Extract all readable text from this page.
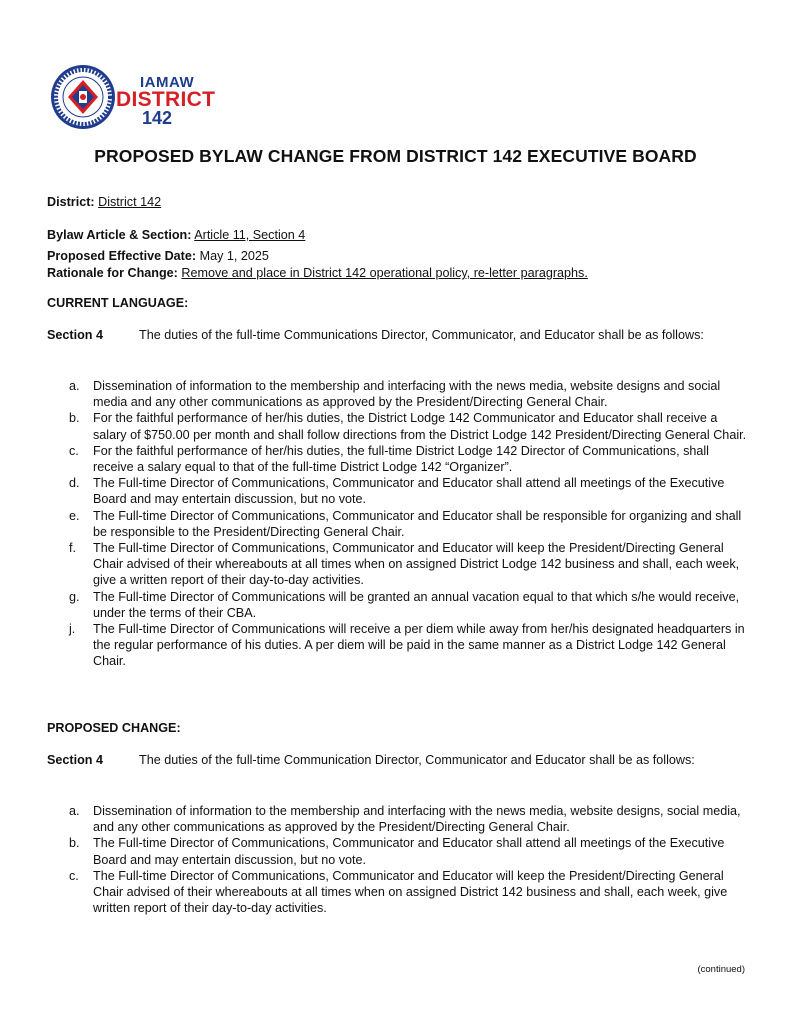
IAMAW
DISTRICT
142
PROPOSED BYLAW CHANGE FROM DISTRICT 142 EXECUTIVE BOARD
District: District 142
Bylaw Article & Section: Article 11, Section 4
Proposed Effective Date: May 1, 2025
Rationale for Change: Remove and place in District 142 operational policy, re-letter paragraphs.
CURRENT LANGUAGE:
Section 4	The duties of the full-time Communications Director, Communicator, and Educator shall be as follows:
a. Dissemination of information to the membership and interfacing with the news media, website designs and social media and any other communications as approved by the President/Directing General Chair.
b. For the faithful performance of her/his duties, the District Lodge 142 Communicator and Educator shall receive a salary of $750.00 per month and shall follow directions from the District Lodge 142 President/Directing General Chair.
c. For the faithful performance of her/his duties, the full-time District Lodge 142 Director of Communications, shall receive a salary equal to that of the full-time District Lodge 142 “Organizer”.
d. The Full-time Director of Communications, Communicator and Educator shall attend all meetings of the Executive Board and may entertain discussion, but no vote.
e. The Full-time Director of Communications, Communicator and Educator shall be responsible for organizing and shall be responsible to the President/Directing General Chair.
f. The Full-time Director of Communications, Communicator and Educator will keep the President/Directing General Chair advised of their whereabouts at all times when on assigned District Lodge 142 business and shall, each week, give a written report of their day-to-day activities.
g. The Full-time Director of Communications will be granted an annual vacation equal to that which s/he would receive, under the terms of their CBA.
j. The Full-time Director of Communications will receive a per diem while away from her/his designated headquarters in the regular performance of his duties. A per diem will be paid in the same manner as a District Lodge 142 General Chair.
PROPOSED CHANGE:
Section 4	The duties of the full-time Communication Director, Communicator and Educator shall be as follows:
a. Dissemination of information to the membership and interfacing with the news media, website designs, social media, and any other communications as approved by the President/Directing General Chair.
b. The Full-time Director of Communications, Communicator and Educator shall attend all meetings of the Executive Board and may entertain discussion, but no vote.
c. The Full-time Director of Communications, Communicator and Educator will keep the President/Directing General Chair advised of their whereabouts at all times when on assigned District 142 business and shall, each week, give written report of their day-to-day activities.
(continued)
